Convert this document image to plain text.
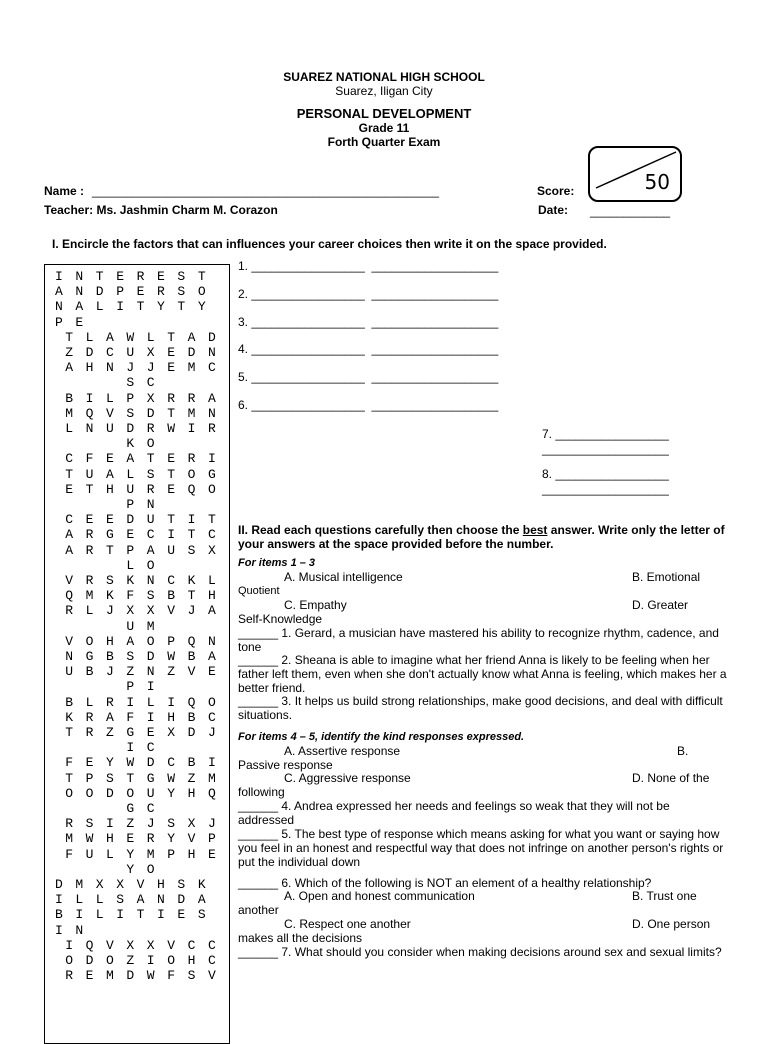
SUAREZ NATIONAL HIGH SCHOOL
Suarez, Iligan City
PERSONAL DEVELOPMENT
Grade 11
Forth Quarter Exam
50
Name : ____________________________________________________	Score:
Teacher: Ms. Jashmin Charm M. Corazon	Date: ____________
I. Encircle the factors that can influences your career choices then write it on the space provided.
I N T E R E S T
A N D P E R S O
N A L I T Y T Y
P E
T L A W L T A D
Z D C U X E D N
A H N J J E M C
S C
B I L P X R R A
M Q V S D T M N
L N U D R W I R
K O
C F E A T E R I
T U A L S T O G
E T H U R E Q O
P N
C E E D U T I T
A R G E C I T C
A R T P A U S X
L O
V R S K N C K L
Q M K F S B T H
R L J X X V J A
U M
V O H A O P Q N
N G B S D W B A
U B J Z N Z V E
P I
B L R I L I Q O
K R A F I H B C
T R Z G E X D J
I C
F E Y W D C B I
T P S T G W Z M
O O D O U Y H Q
G C
R S I Z J S X J
M W H E R Y V P
F U L Y M P H E
Y O
D M X X V H S K
I L L S A N D A
B I L I T I E S
I N
I Q V X X V C C
O D O Z I O H C
R E M D W F S V
1. _________________  ___________________
2. _________________  ___________________
3. _________________  ___________________
4. _________________  ___________________
5. _________________  ___________________
6. _________________  ___________________
7. _________________
___________________
8. _________________
___________________
II. Read each questions carefully then choose the best answer. Write only the letter of your answers at the space provided before the number.
For items 1 – 3
A. Musical intelligence	B. Emotional
Quotient
C. Empathy	D. Greater
Self-Knowledge
______ 1. Gerard, a musician have mastered his ability to recognize rhythm, cadence, and tone
______ 2. Sheana is able to imagine what her friend Anna is likely to be feeling when her father left them, even when she don't actually know what Anna is feeling, which makes her a better friend.
______ 3. It helps us build strong relationships, make good decisions, and deal with difficult situations.
For items 4 – 5, identify the kind responses expressed.
A. Assertive response	B.
Passive response
C. Aggressive response	D. None of the
following
______ 4. Andrea expressed her needs and feelings so weak that they will not be addressed
______ 5. The best type of response which means asking for what you want or saying how you feel in an honest and respectful way that does not infringe on another person's rights or put the individual down
______ 6. Which of the following is NOT an element of a healthy relationship?
A. Open and honest communication	B. Trust one
another
C. Respect one another	D. One person
makes all the decisions
______ 7. What should you consider when making decisions around sex and sexual limits?
